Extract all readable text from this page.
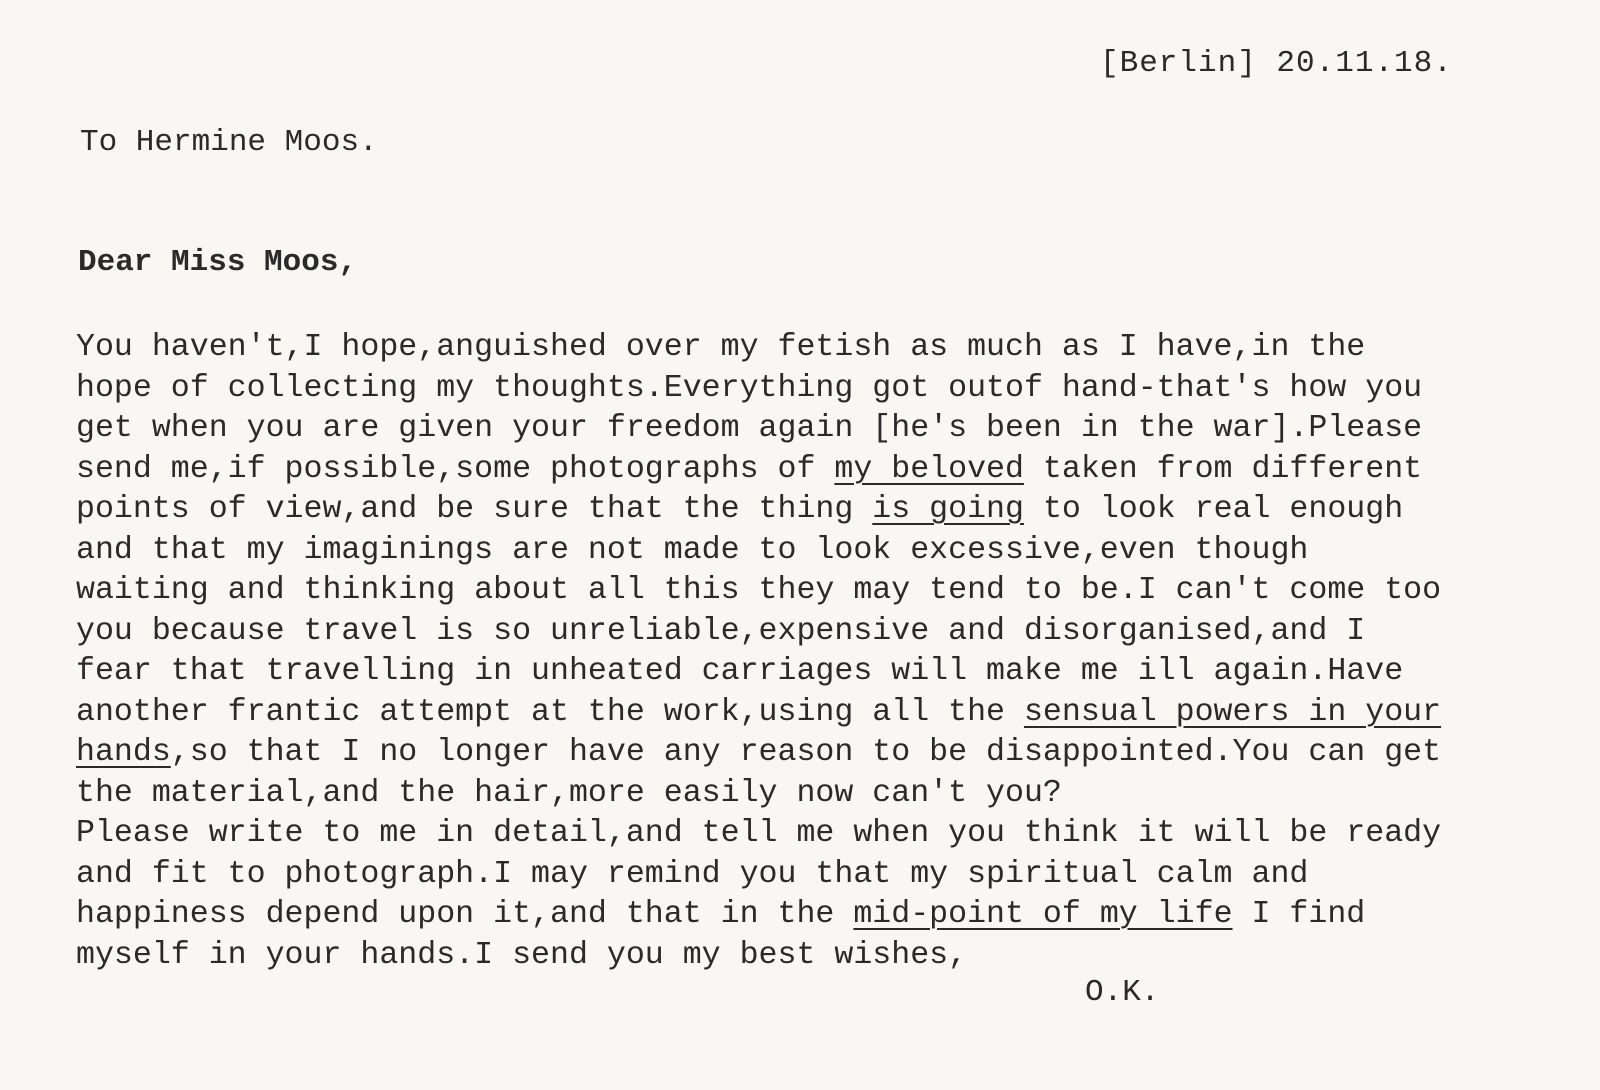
[Berlin] 20.11.18.
To Hermine Moos.
Dear Miss Moos,
You haven't,I hope,anguished over my fetish as much as I have,in the
hope of collecting my thoughts.Everything got outof hand-that's how you
get when you are given your freedom again [he's been in the war].Please
send me,if possible,some photographs of my beloved taken from different
points of view,and be sure that the thing is going to look real enough
and that my imaginings are not made to look excessive,even though
waiting and thinking about all this they may tend to be.I can't come too
you because travel is so unreliable,expensive and disorganised,and I
fear that travelling in unheated carriages will make me ill again.Have
another frantic attempt at the work,using all the sensual powers in your
hands,so that I no longer have any reason to be disappointed.You can get
the material,and the hair,more easily now can't you?
Please write to me in detail,and tell me when you think it will be ready
and fit to photograph.I may remind you that my spiritual calm and
happiness depend upon it,and that in the mid-point of my life I find
myself in your hands.I send you my best wishes,
O.K.
